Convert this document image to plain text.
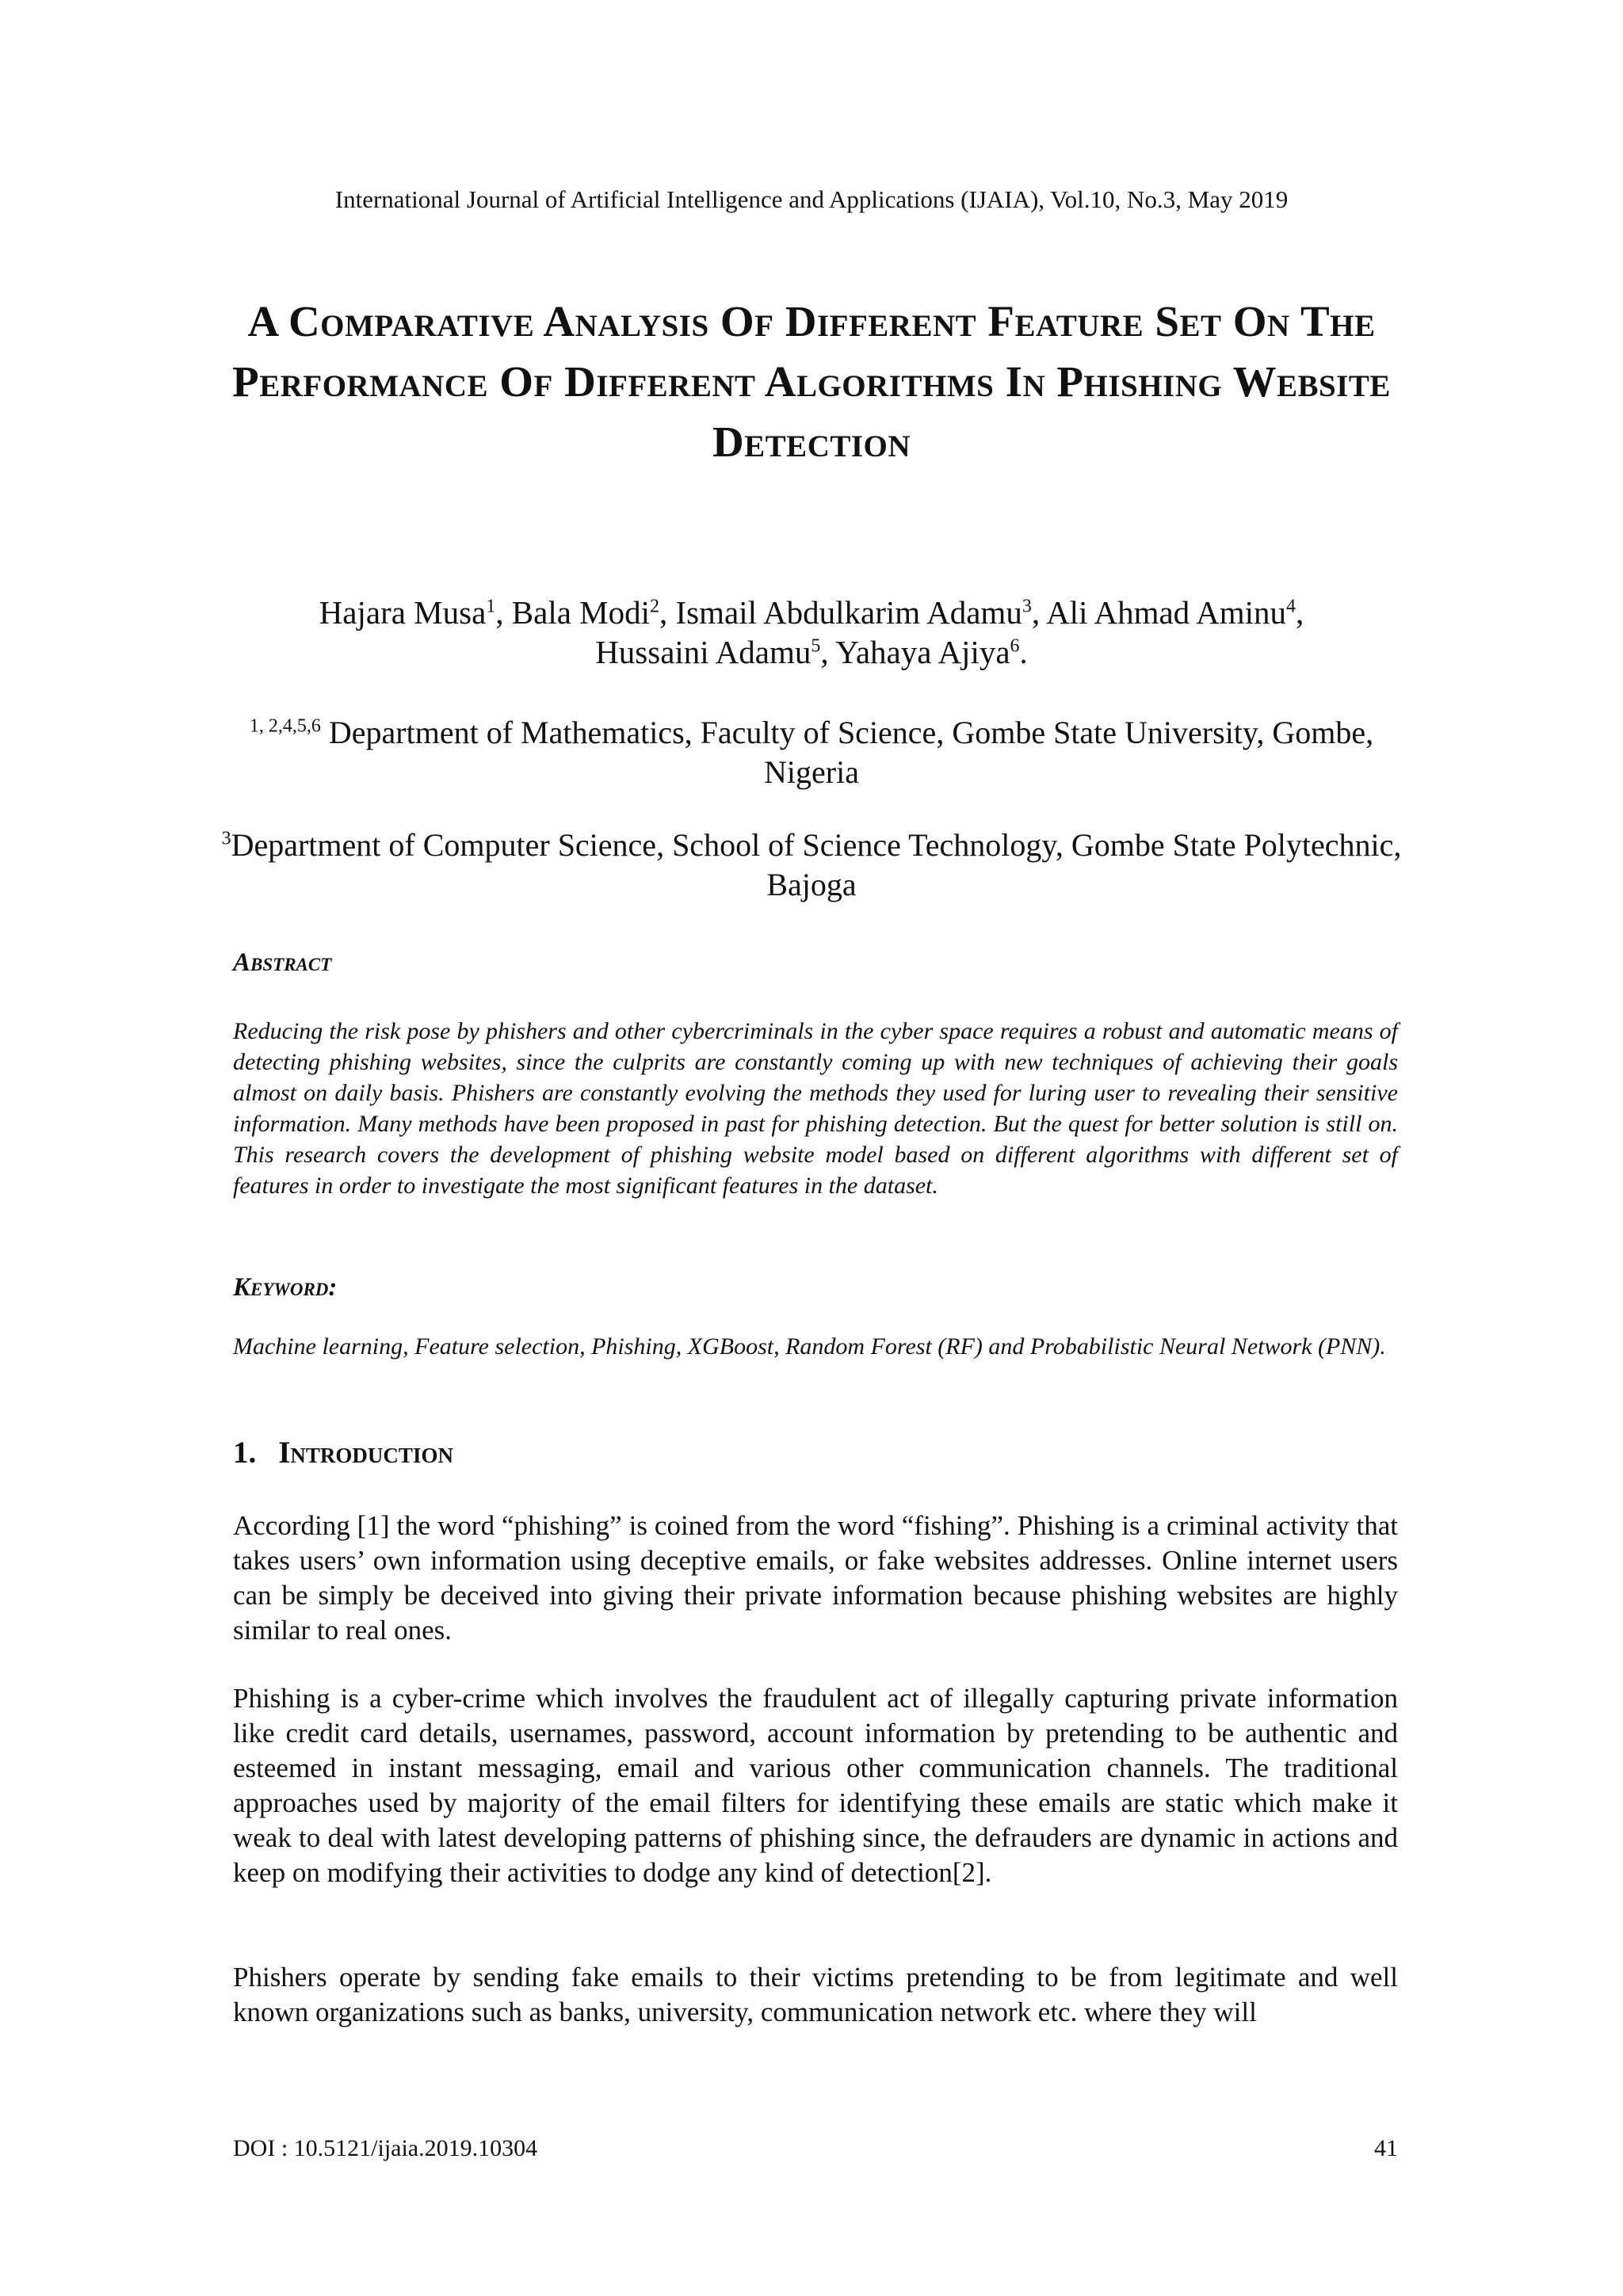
International Journal of Artificial Intelligence and Applications (IJAIA), Vol.10, No.3, May 2019
A Comparative Analysis Of Different Feature Set On The Performance Of Different Algorithms In Phishing Website Detection
Hajara Musa$^1$, Bala Modi$^2$, Ismail Abdulkarim Adamu$^3$, Ali Ahmad Aminu$^4$,
Hussaini Adamu$^5$, Yahaya Ajiya$^6$.
$^{1, 2,4,5,6}$ Department of Mathematics, Faculty of Science, Gombe State University, Gombe, Nigeria
$^3$Department of Computer Science, School of Science Technology, Gombe State Polytechnic, Bajoga
Abstract
Reducing the risk pose by phishers and other cybercriminals in the cyber space requires a robust and automatic means of detecting phishing websites, since the culprits are constantly coming up with new techniques of achieving their goals almost on daily basis. Phishers are constantly evolving the methods they used for luring user to revealing their sensitive information. Many methods have been proposed in past for phishing detection. But the quest for better solution is still on. This research covers the development of phishing website model based on different algorithms with different set of features in order to investigate the most significant features in the dataset.
Keyword:
Machine learning, Feature selection, Phishing, XGBoost, Random Forest (RF) and Probabilistic Neural Network (PNN).
1. Introduction
According [1] the word “phishing” is coined from the word “fishing”. Phishing is a criminal activity that takes users’ own information using deceptive emails, or fake websites addresses. Online internet users can be simply be deceived into giving their private information because phishing websites are highly similar to real ones.
Phishing is a cyber-crime which involves the fraudulent act of illegally capturing private information like credit card details, usernames, password, account information by pretending to be authentic and esteemed in instant messaging, email and various other communication channels. The traditional approaches used by majority of the email filters for identifying these emails are static which make it weak to deal with latest developing patterns of phishing since, the defrauders are dynamic in actions and keep on modifying their activities to dodge any kind of detection[2].
Phishers operate by sending fake emails to their victims pretending to be from legitimate and well known organizations such as banks, university, communication network etc. where they will
DOI : 10.5121/ijaia.2019.10304	41
